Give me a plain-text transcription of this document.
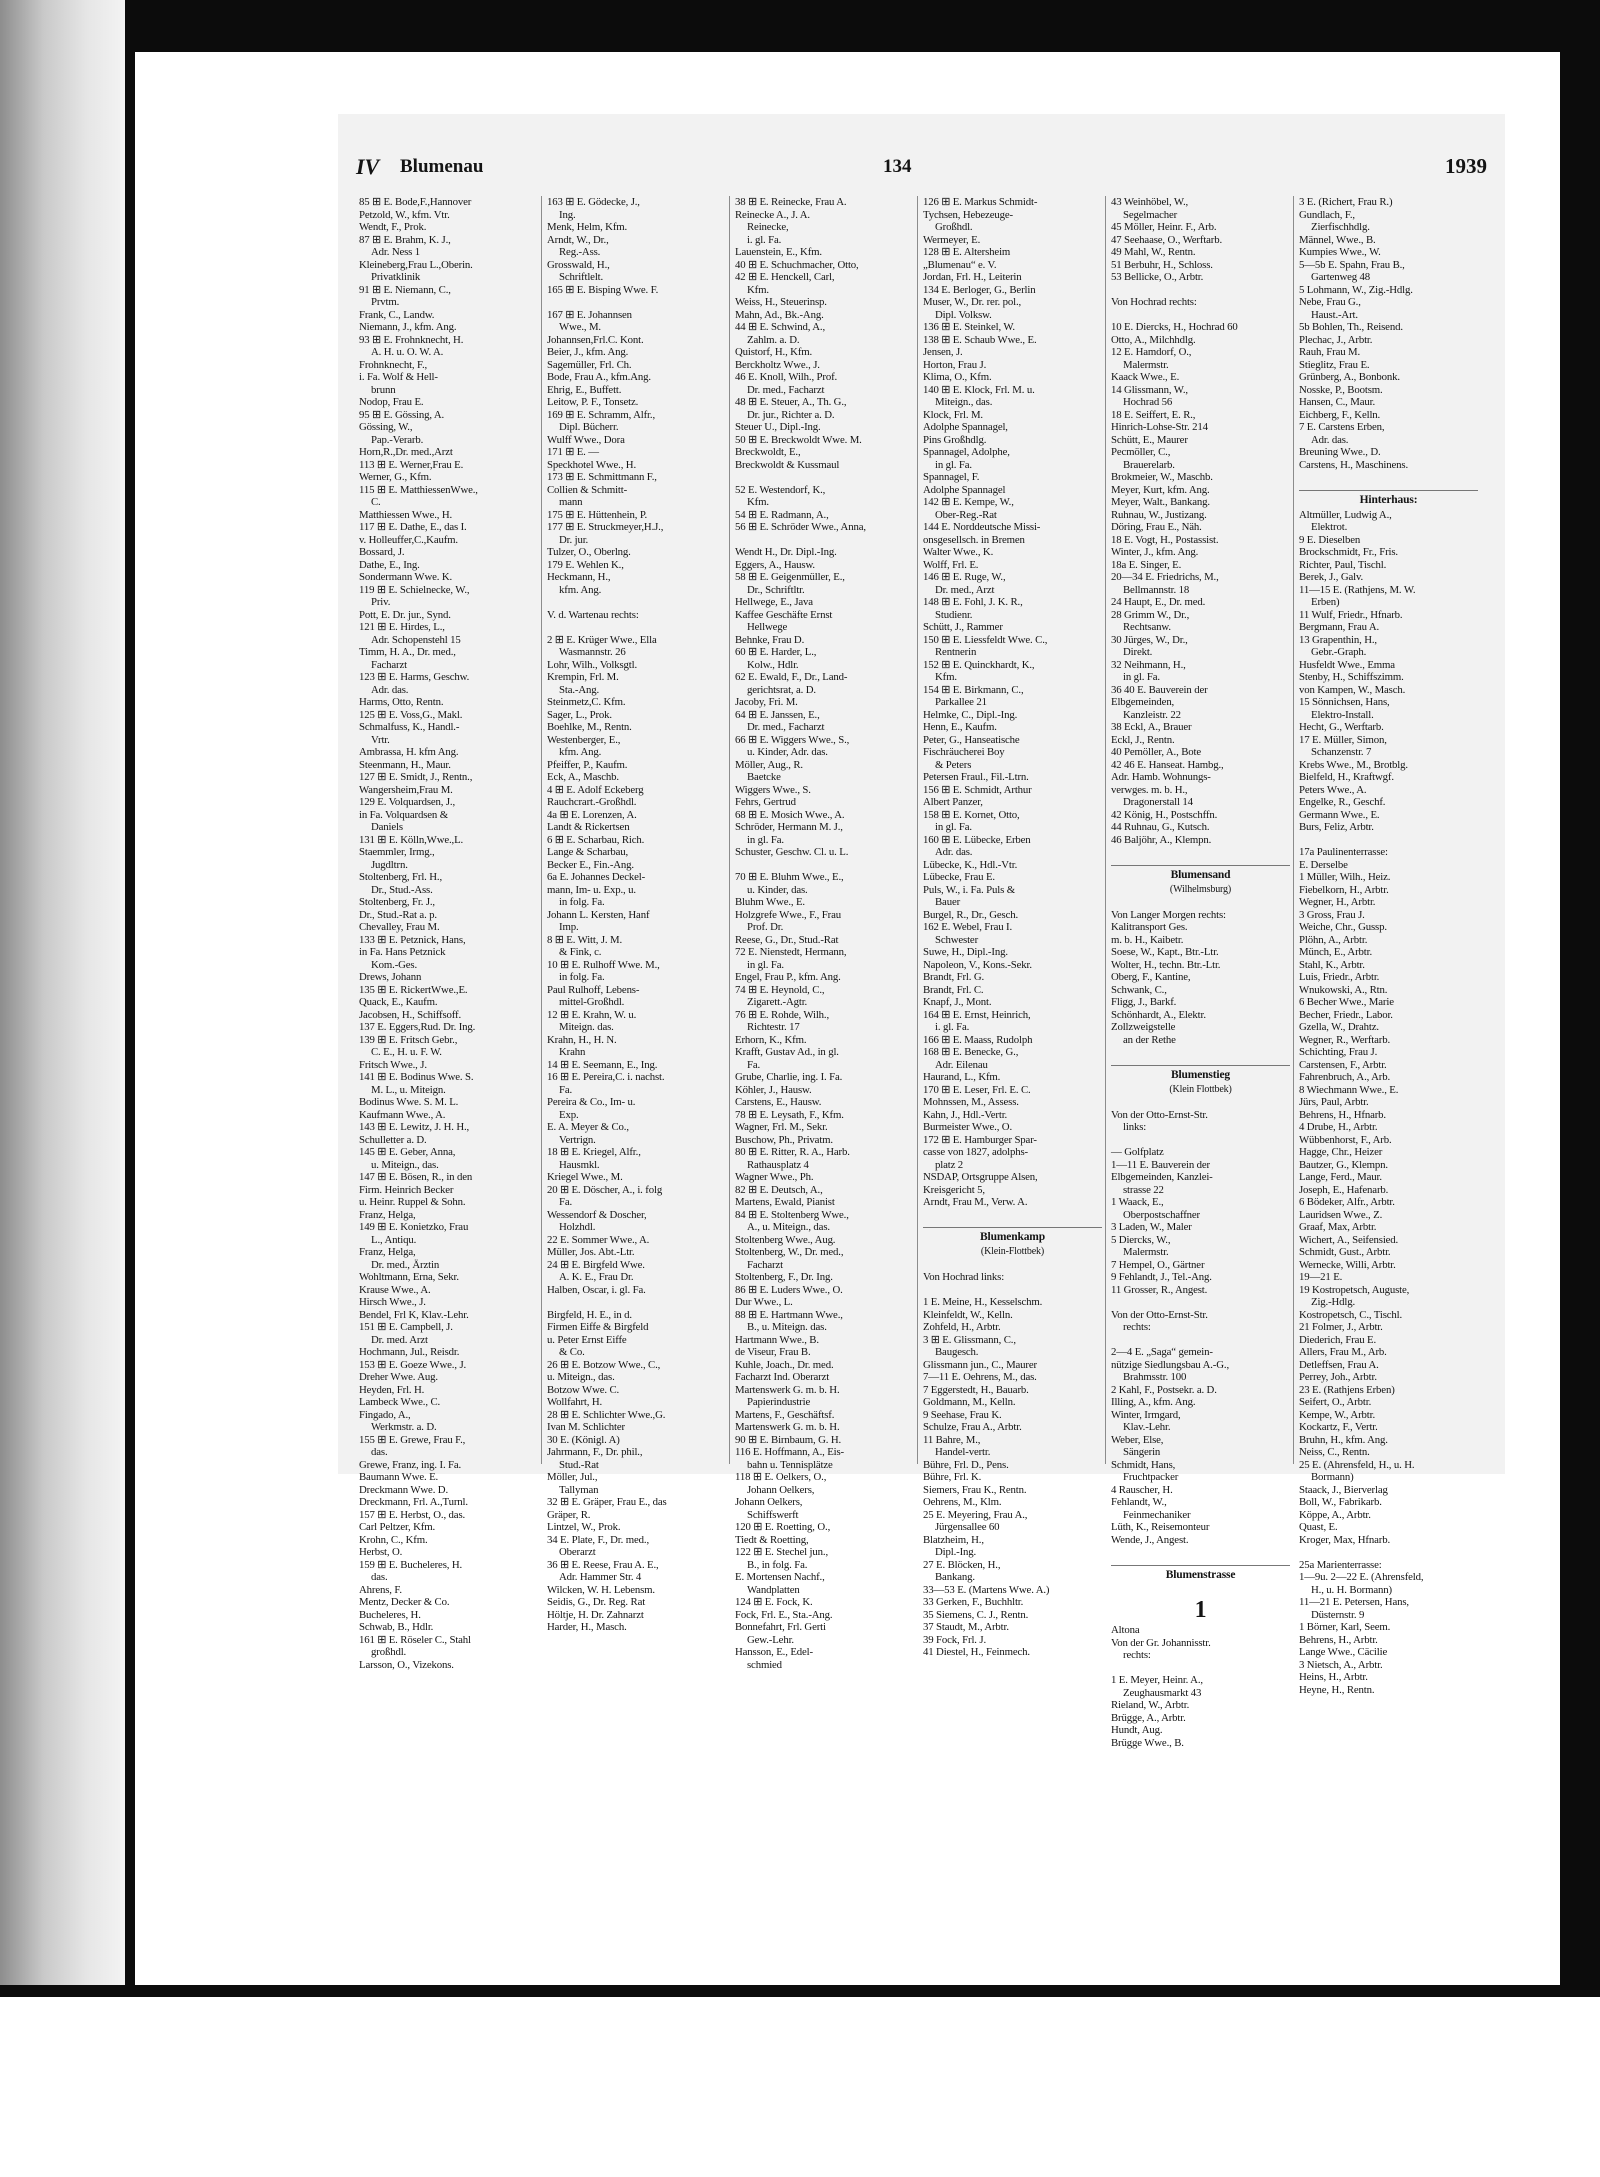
IV Blumenau	134	1939
85 ⊞ E. Bode,F.,Hannover
Petzold, W., kfm. Vtr.
Wendt, F., Prok.
87 ⊞ E. Brahm, K. J.,
Adr. Ness 1
Kleineberg,Frau L.,Oberin.
Privatklinik
91 ⊞ E. Niemann, C.,
Prvtm.
Frank, C., Landw.
Niemann, J., kfm. Ang.
93 ⊞ E. Frohnknecht, H.
A. H. u. O. W. A.
Frohnknecht, F.,
i. Fa. Wolf & Hell-
brunn
Nodop, Frau E.
95 ⊞ E. Gössing, A.
Gössing, W.,
Pap.-Verarb.
Horn,R.,Dr. med.,Arzt
113 ⊞ E. Werner,Frau E.
Werner, G., Kfm.
115 ⊞ E. MatthiessenWwe.,
C.
Matthiessen Wwe., H.
117 ⊞ E. Dathe, E., das I.
v. Holleuffer,C.,Kaufm.
Bossard, J.
Dathe, E., Ing.
Sondermann Wwe. K.
119 ⊞ E. Schielnecke, W.,
Priv.
Pott, E. Dr. jur., Synd.
121 ⊞ E. Hirdes, L.,
Adr. Schopenstehl 15
Timm, H. A., Dr. med.,
Facharzt
123 ⊞ E. Harms, Geschw.
Adr. das.
Harms, Otto, Rentn.
125 ⊞ E. Voss,G., Makl.
Schmalfuss, K., Handl.-
Vrtr.
Ambrassa, H. kfm Ang.
Steenmann, H., Maur.
127 ⊞ E. Smidt, J., Rentn.,
Wangersheim,Frau M.
129 E. Volquardsen, J.,
in Fa. Volquardsen &
Daniels
131 ⊞ E. Kölln,Wwe.,L.
Staemmler, Irmg.,
Jugdltrn.
Stoltenberg, Frl. H.,
Dr., Stud.-Ass.
Stoltenberg, Fr. J.,
Dr., Stud.-Rat a. p.
Chevalley, Frau M.
133 ⊞ E. Petznick, Hans,
in Fa. Hans Petznick
Kom.-Ges.
Drews, Johann
135 ⊞ E. RickertWwe.,E.
Quack, E., Kaufm.
Jacobsen, H., Schiffsoff.
137 E. Eggers,Rud. Dr. Ing.
139 ⊞ E. Fritsch Gebr.,
C. E., H. u. F. W.
Fritsch Wwe., J.
141 ⊞ E. Bodinus Wwe. S.
M. L., u. Miteign.
Bodinus Wwe. S. M. L.
Kaufmann Wwe., A.
143 ⊞ E. Lewitz, J. H. H.,
Schulletter a. D.
145 ⊞ E. Geber, Anna,
u. Miteign., das.
147 ⊞ E. Bösen, R., in den
Firm. Heinrich Becker
u. Heinr. Ruppel & Sohn.
Franz, Helga,
149 ⊞ E. Konietzko, Frau
L., Antiqu.
Franz, Helga,
Dr. med., Ärztin
Wohltmann, Erna, Sekr.
Krause Wwe., A.
Hirsch Wwe., J.
Bendel, Frl K, Klav.-Lehr.
151 ⊞ E. Campbell, J.
Dr. med. Arzt
Hochmann, Jul., Reisdr.
153 ⊞ E. Goeze Wwe., J.
Dreher Wwe. Aug.
Heyden, Frl. H.
Lambeck Wwe., C.
Fingado, A.,
Werkmstr. a. D.
155 ⊞ E. Grewe, Frau F.,
das.
Grewe, Franz, ing. I. Fa.
Baumann Wwe. E.
Dreckmann Wwe. D.
Dreckmann, Frl. A.,Turnl.
157 ⊞ E. Herbst, O., das.
Carl Peltzer, Kfm.
Krohn, C., Kfm.
Herbst, O.
159 ⊞ E. Bucheleres, H.
das.
Ahrens, F.
Mentz, Decker & Co.
Bucheleres, H.
Schwab, B., Hdlr.
161 ⊞ E. Röseler C., Stahl
großhdl.
Larsson, O., Vizekons.
163 ⊞ E. Gödecke, J.,
Ing.
Menk, Helm, Kfm.
Arndt, W., Dr.,
Reg.-Ass.
Grosswald, H.,
Schriftlelt.
165 ⊞ E. Bisping Wwe. F.

167 ⊞ E. Johannsen
Wwe., M.
Johannsen,Frl.C. Kont.
Beier, J., kfm. Ang.
Sagemüller, Frl. Ch.
Bode, Frau A., kfm.Ang.
Ehrig, E., Buffett.
Leitow, P. F., Tonsetz.
169 ⊞ E. Schramm, Alfr.,
Dipl. Bücherr.
Wulff Wwe., Dora
171 ⊞ E. —
Speckhotel Wwe., H.
173 ⊞ E. Schmittmann F.,
Collien & Schmitt-
mann
175 ⊞ E. Hüttenhein, P.
177 ⊞ E. Struckmeyer,H.J.,
Dr. jur.
Tulzer, O., Oberlng.
179 E. Wehlen K.,
Heckmann, H.,
kfm. Ang.

V. d. Wartenau rechts:

2 ⊞ E. Krüger Wwe., Ella
Wasmannstr. 26
Lohr, Wilh., Volksgtl.
Krempin, Frl. M.
Sta.-Ang.
Steinmetz,C. Kfm.
Sager, L., Prok.
Boehlke, M., Rentn.
Westenberger, E.,
kfm. Ang.
Pfeiffer, P., Kaufm.
Eck, A., Maschb.
4 ⊞ E. Adolf Eckeberg
Rauchcrart.-Großhdl.
4a ⊞ E. Lorenzen, A.
Landt & Rickertsen
6 ⊞ E. Scharbau, Rich.
Lange & Scharbau,
Becker E., Fin.-Ang.
6a E. Johannes Deckel-
mann, Im- u. Exp., u.
in folg. Fa.
Johann L. Kersten, Hanf
Imp.
8 ⊞ E. Witt, J. M.
& Fink, c.
10 ⊞ E. Rulhoff Wwe. M.,
in folg. Fa.
Paul Rulhoff, Lebens-
mittel-Großhdl.
12 ⊞ E. Krahn, W. u.
Miteign. das.
Krahn, H., H. N.
Krahn
14 ⊞ E. Seemann, E., Ing.
16 ⊞ E. Pereira,C. i. nachst.
Fa.
Pereira & Co., Im- u.
Exp.
E. A. Meyer & Co.,
Vertrign.
18 ⊞ E. Kriegel, Alfr.,
Hausmkl.
Kriegel Wwe., M.
20 ⊞ E. Döscher, A., i. folg
Fa.
Wessendorf & Doscher,
Holzhdl.
22 E. Sommer Wwe., A.
Müller, Jos. Abt.-Ltr.
24 ⊞ E. Birgfeld Wwe.
A. K. E., Frau Dr.
Halben, Oscar, i. gl. Fa.

Birgfeld, H. E., in d.
Firmen Eiffe & Birgfeld
u. Peter Ernst Eiffe
& Co.
26 ⊞ E. Botzow Wwe., C.,
u. Miteign., das.
Botzow Wwe. C.
Wollfahrt, H.
28 ⊞ E. Schlichter Wwe.,G.
Ivan M. Schlichter
30 E. (Königl. A)
Jahrmann, F., Dr. phil.,
Stud.-Rat
Möller, Jul.,
Tallyman
32 ⊞ E. Gräper, Frau E., das
Gräper, R.
Lintzel, W., Prok.
34 E. Plate, F., Dr. med.,
Oberarzt
36 ⊞ E. Reese, Frau A. E.,
Adr. Hammer Str. 4
Wilcken, W. H. Lebensm.
Seidis, G., Dr. Reg. Rat
Höltje, H. Dr. Zahnarzt
Harder, H., Masch.
38 ⊞ E. Reinecke, Frau A.
Reinecke A., J. A.
Reinecke,
i. gl. Fa.
Lauenstein, E., Kfm.
40 ⊞ E. Schuchmacher, Otto,
42 ⊞ E. Henckell, Carl,
Kfm.
Weiss, H., Steuerinsp.
Mahn, Ad., Bk.-Ang.
44 ⊞ E. Schwind, A.,
Zahlm. a. D.
Quistorf, H., Kfm.
Berckholtz Wwe., J.
46 E. Knoll, Wilh., Prof.
Dr. med., Facharzt
48 ⊞ E. Steuer, A., Th. G.,
Dr. jur., Richter a. D.
Steuer U., Dipl.-Ing.
50 ⊞ E. Breckwoldt Wwe. M.
Breckwoldt, E.,
Breckwoldt & Kussmaul

52 E. Westendorf, K.,
Kfm.
54 ⊞ E. Radmann, A.,
56 ⊞ E. Schröder Wwe., Anna,

Wendt H., Dr. Dipl.-Ing.
Eggers, A., Hausw.
58 ⊞ E. Geigenmüller, E.,
Dr., Schriftltr.
Hellwege, E., Java
Kaffee Geschäfte Ernst
Hellwege
Behnke, Frau D.
60 ⊞ E. Harder, L.,
Kolw., Hdlr.
62 E. Ewald, F., Dr., Land-
gerichtsrat, a. D.
Jacoby, Fri. M.
64 ⊞ E. Janssen, E.,
Dr. med., Facharzt
66 ⊞ E. Wiggers Wwe., S.,
u. Kinder, Adr. das.
Möller, Aug., R.
Baetcke
Wiggers Wwe., S.
Fehrs, Gertrud
68 ⊞ E. Mosich Wwe., A.
Schröder, Hermann M. J.,
in gl. Fa.
Schuster, Geschw. Cl. u. L.

70 ⊞ E. Bluhm Wwe., E.,
u. Kinder, das.
Bluhm Wwe., E.
Holzgrefe Wwe., F., Frau
Prof. Dr.
Reese, G., Dr., Stud.-Rat
72 E. Nienstedt, Hermann,
in gl. Fa.
Engel, Frau P., kfm. Ang.
74 ⊞ E. Heynold, C.,
Zigarett.-Agtr.
76 ⊞ E. Rohde, Wilh.,
Richtestr. 17
Erhorn, K., Kfm.
Krafft, Gustav Ad., in gl.
Fa.
Grube, Charlie, ing. I. Fa.
Köhler, J., Hausw.
Carstens, E., Hausw.
78 ⊞ E. Leysath, F., Kfm.
Wagner, Frl. M., Sekr.
Buschow, Ph., Privatm.
80 ⊞ E. Ritter, R. A., Harb.
Rathausplatz 4
Wagner Wwe., Ph.
82 ⊞ E. Deutsch, A.,
Martens, Ewald, Pianist
84 ⊞ E. Stoltenberg Wwe.,
A., u. Miteign., das.
Stoltenberg Wwe., Aug.
Stoltenberg, W., Dr. med.,
Facharzt
Stoltenberg, F., Dr. Ing.
86 ⊞ E. Luders Wwe., O.
Dur Wwe., L.
88 ⊞ E. Hartmann Wwe.,
B., u. Miteign. das.
Hartmann Wwe., B.
de Viseur, Frau B.
Kuhle, Joach., Dr. med.
Facharzt Ind. Oberarzt
Martenswerk G. m. b. H.
Papierindustrie
Martens, F., Geschäftsf.
Martenswerk G. m. b. H.
90 ⊞ E. Birnbaum, G. H.
116 E. Hoffmann, A., Eis-
bahn u. Tennisplätze
118 ⊞ E. Oelkers, O.,
Johann Oelkers,
Johann Oelkers,
Schiffswerft
120 ⊞ E. Roetting, O.,
Tiedt & Roetting,
122 ⊞ E. Stechel jun.,
B., in folg. Fa.
E. Mortensen Nachf.,
Wandplatten
124 ⊞ E. Fock, K.
Fock, Frl. E., Sta.-Ang.
Bonnefahrt, Frl. Gerti
Gew.-Lehr.
Hansson, E., Edel-
schmied
126 ⊞ E. Markus Schmidt-
Tychsen, Hebezeuge-
Großhdl.
Wermeyer, E.
128 ⊞ E. Altersheim
„Blumenau“ e. V.
Jordan, Frl. H., Leiterin
134 E. Berloger, G., Berlin
Muser, W., Dr. rer. pol.,
Dipl. Volksw.
136 ⊞ E. Steinkel, W.
138 ⊞ E. Schaub Wwe., E.
Jensen, J.
Horton, Frau J.
Klima, O., Kfm.
140 ⊞ E. Klock, Frl. M. u.
Miteign., das.
Klock, Frl. M.
Adolphe Spannagel,
Pins Großhdlg.
Spannagel, Adolphe,
in gl. Fa.
Spannagel, F.
Adolphe Spannagel
142 ⊞ E. Kempe, W.,
Ober-Reg.-Rat
144 E. Norddeutsche Missi-
onsgesellsch. in Bremen
Walter Wwe., K.
Wolff, Frl. E.
146 ⊞ E. Ruge, W.,
Dr. med., Arzt
148 ⊞ E. Fohl, J. K. R.,
Studienr.
Schütt, J., Rammer
150 ⊞ E. Liessfeldt Wwe. C.,
Rentnerin
152 ⊞ E. Quinckhardt, K.,
Kfm.
154 ⊞ E. Birkmann, C.,
Parkallee 21
Helmke, C., Dipl.-Ing.
Henn, E., Kaufm.
Peter, G., Hanseatische
Fischräucherei Boy
& Peters
Petersen Fraul., Fil.-Ltrn.
156 ⊞ E. Schmidt, Arthur
Albert Panzer,
158 ⊞ E. Kornet, Otto,
in gl. Fa.
160 ⊞ E. Lübecke, Erben
Adr. das.
Lübecke, K., Hdl.-Vtr.
Lübecke, Frau E.
Puls, W., i. Fa. Puls &
Bauer
Burgel, R., Dr., Gesch.
162 E. Webel, Frau I.
Schwester
Suwe, H., Dipl.-Ing.
Napoleon, V., Kons.-Sekr.
Brandt, Frl. G.
Brandt, Frl. C.
Knapf, J., Mont.
164 ⊞ E. Ernst, Heinrich,
i. gl. Fa.
166 ⊞ E. Maass, Rudolph
168 ⊞ E. Benecke, G.,
Adr. Eilenau
Haurand, L., Kfm.
170 ⊞ E. Leser, Frl. E. C.
Mohnssen, M., Assess.
Kahn, J., Hdl.-Vertr.
Burmeister Wwe., O.
172 ⊞ E. Hamburger Spar-
casse von 1827, adolphs-
platz 2
NSDAP, Ortsgruppe Alsen,
Kreisgericht 5,
Arndt, Frau M., Verw. A.

Blumenkamp
(Klein-Flottbek)

Von Hochrad links:

1 E. Meine, H., Kesselschm.
Kleinfeldt, W., Kelln.
Zohfeld, H., Arbtr.
3 ⊞ E. Glissmann, C.,
Baugesch.
Glissmann jun., C., Maurer
7—11 E. Oehrens, M., das.
7 Eggerstedt, H., Bauarb.
Goldmann, M., Kelln.
9 Seehase, Frau K.
Schulze, Frau A., Arbtr.
11 Bahre, M.,
Handel-vertr.
Bühre, Frl. D., Pens.
Bühre, Frl. K.
Siemers, Frau K., Rentn.
Oehrens, M., Klm.
25 E. Meyering, Frau A.,
Jürgensallee 60
Blatzheim, H.,
Dipl.-Ing.
27 E. Blöcken, H.,
Bankang.
33—53 E. (Martens Wwe. A.)
33 Gerken, F., Buchhltr.
35 Siemens, C. J., Rentn.
37 Staudt, M., Arbtr.
39 Fock, Frl. J.
41 Diestel, H., Feinmech.
43 Weinhöbel, W.,
Segelmacher
45 Möller, Heinr. F., Arb.
47 Seehaase, O., Werftarb.
49 Mahl, W., Rentn.
51 Berbuhr, H., Schloss.
53 Bellicke, O., Arbtr.

Von Hochrad rechts:

10 E. Diercks, H., Hochrad 60
Otto, A., Milchhdlg.
12 E. Hamdorf, O.,
Malermstr.
Kaack Wwe., E.
14 Glissmann, W.,
Hochrad 56
18 E. Seiffert, E. R.,
Hinrich-Lohse-Str. 214
Schütt, E., Maurer
Pecmöller, C.,
Brauerelarb.
Brokmeier, W., Maschb.
Meyer, Kurt, kfm. Ang.
Meyer, Walt., Bankang.
Ruhnau, W., Justizang.
Döring, Frau E., Näh.
18 E. Vogt, H., Postassist.
Winter, J., kfm. Ang.
18a E. Singer, E.
20—34 E. Friedrichs, M.,
Bellmannstr. 18
24 Haupt, E., Dr. med.
28 Grimm W., Dr.,
Rechtsanw.
30 Jürges, W., Dr.,
Direkt.
32 Neihmann, H.,
in gl. Fa.
36 40 E. Bauverein der
Elbgemeinden,
Kanzleistr. 22
38 Eckl, A., Brauer
Eckl, J., Rentn.
40 Pemöller, A., Bote
42 46 E. Hanseat. Hambg.,
Adr. Hamb. Wohnungs-
verwges. m. b. H.,
Dragonerstall 14
42 König, H., Postschffn.
44 Ruhnau, G., Kutsch.
46 Baljöhr, A., Klempn.

Blumensand
(Wilhelmsburg)

Von Langer Morgen rechts:
Kalitransport Ges.
m. b. H., Kaibetr.
Soese, W., Kapt., Btr.-Ltr.
Wolter, H., techn. Btr.-Ltr.
Oberg, F., Kantine,
Schwank, C.,
Fligg, J., Barkf.
Schönhardt, A., Elektr.
Zollzweigstelle
an der Rethe

Blumenstieg
(Klein Flottbek)

Von der Otto-Ernst-Str.
links:

— Golfplatz
1—11 E. Bauverein der
Elbgemeinden, Kanzlei-
strasse 22
1 Waack, E.,
Oberpostschaffner
3 Laden, W., Maler
5 Diercks, W.,
Malermstr.
7 Hempel, O., Gärtner
9 Fehlandt, J., Tel.-Ang.
11 Grosser, R., Angest.

Von der Otto-Ernst-Str.
rechts:

2—4 E. „Saga“ gemein-
nützige Siedlungsbau A.-G.,
Brahmsstr. 100
2 Kahl, F., Postsekr. a. D.
Illing, A., kfm. Ang.
Winter, Irmgard,
Klav.-Lehr.
Weber, Else,
Sängerin
Schmidt, Hans,
Fruchtpacker
4 Rauscher, H.
Fehlandt, W.,
Feinmechaniker
Lüth, K., Reisemonteur
Wende, J., Angest.

Blumenstrasse

1
Altona
Von der Gr. Johannisstr.
rechts:

1 E. Meyer, Heinr. A.,
Zeughausmarkt 43
Rieland, W., Arbtr.
Brügge, A., Arbtr.
Hundt, Aug.
Brügge Wwe., B.
3 E. (Richert, Frau R.)
Gundlach, F.,
Zierfischhdlg.
Männel, Wwe., B.
Kumpies Wwe., W.
5—5b E. Spahn, Frau B.,
Gartenweg 48
5 Lohmann, W., Zig.-Hdlg.
Nebe, Frau G.,
Haust.-Art.
5b Bohlen, Th., Reisend.
Plechac, J., Arbtr.
Rauh, Frau M.
Stieglitz, Frau E.
Grünberg, A., Bonbonk.
Nosske, P., Bootsm.
Hansen, C., Maur.
Eichberg, F., Kelln.
7 E. Carstens Erben,
Adr. das.
Breuning Wwe., D.
Carstens, H., Maschinens.

Hinterhaus:
Altmüller, Ludwig A.,
Elektrot.
9 E. Dieselben
Brockschmidt, Fr., Fris.
Richter, Paul, Tischl.
Berek, J., Galv.
11—15 E. (Rathjens, M. W.
Erben)
11 Wulf, Friedr., Hfnarb.
Bergmann, Frau A.
13 Grapenthin, H.,
Gebr.-Graph.
Husfeldt Wwe., Emma
Stenby, H., Schiffszimm.
von Kampen, W., Masch.
15 Sönnichsen, Hans,
Elektro-Install.
Hecht, G., Werftarb.
17 E. Müller, Simon,
Schanzenstr. 7
Krebs Wwe., M., Brotblg.
Bielfeld, H., Kraftwgf.
Peters Wwe., A.
Engelke, R., Geschf.
Germann Wwe., E.
Burs, Feliz, Arbtr.

17a Paulinenterrasse:
E. Derselbe
1 Müller, Wilh., Heiz.
Fiebelkorn, H., Arbtr.
Wegner, H., Arbtr.
3 Gross, Frau J.
Weiche, Chr., Gussp.
Plöhn, A., Arbtr.
Münch, E., Arbtr.
Stahl, K., Arbtr.
Luis, Friedr., Arbtr.
Wnukowski, A., Rtn.
6 Becher Wwe., Marie
Becher, Friedr., Labor.
Gzella, W., Drahtz.
Wegner, R., Werftarb.
Schichting, Frau J.
Carstensen, F., Arbtr.
Fahrenbruch, A., Arb.
8 Wiechmann Wwe., E.
Jürs, Paul, Arbtr.
Behrens, H., Hfnarb.
4 Drube, H., Arbtr.
Wübbenhorst, F., Arb.
Hagge, Chr., Heizer
Bautzer, G., Klempn.
Lange, Ferd., Maur.
Joseph, E., Hafenarb.
6 Bödeker, Alfr., Arbtr.
Lauridsen Wwe., Z.
Graaf, Max, Arbtr.
Wichert, A., Seifensied.
Schmidt, Gust., Arbtr.
Wernecke, Willi, Arbtr.
19—21 E.
19 Kostropetsch, Auguste,
Zig.-Hdlg.
Kostropetsch, C., Tischl.
21 Folmer, J., Arbtr.
Diederich, Frau E.
Allers, Frau M., Arb.
Detleffsen, Frau A.
Perrey, Joh., Arbtr.
23 E. (Rathjens Erben)
Seifert, O., Arbtr.
Kempe, W., Arbtr.
Kockartz, F., Vertr.
Bruhn, H., kfm. Ang.
Neiss, C., Rentn.
25 E. (Ahrensfeld, H., u. H.
Bormann)
Staack, J., Bierverlag
Boll, W., Fabrikarb.
Köppe, A., Arbtr.
Quast, E.
Kroger, Max, Hfnarb.

25a Marienterrasse:
1—9u. 2—22 E. (Ahrensfeld,
H., u. H. Bormann)
11—21 E. Petersen, Hans,
Düsternstr. 9
1 Börner, Karl, Seem.
Behrens, H., Arbtr.
Lange Wwe., Cäcilie
3 Nietsch, A., Arbtr.
Heins, H., Arbtr.
Heyne, H., Rentn.
